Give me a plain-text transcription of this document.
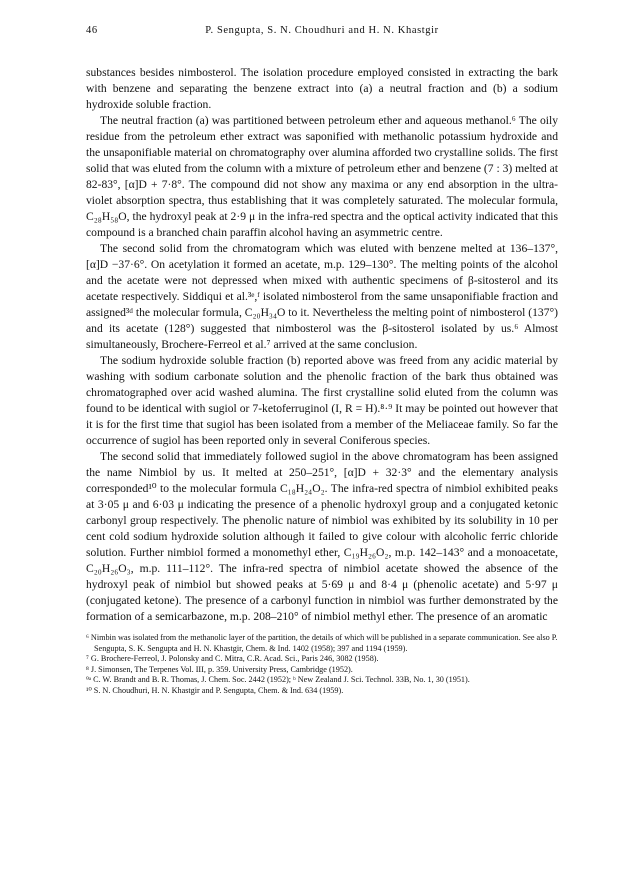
46	P. Sengupta, S. N. Choudhuri and H. N. Khastgir

substances besides nimbosterol. The isolation procedure employed consisted in extracting the bark with benzene and separating the benzene extract into (a) a neutral fraction and (b) a sodium hydroxide soluble fraction.

The neutral fraction (a) was partitioned between petroleum ether and aqueous methanol.⁶ The oily residue from the petroleum ether extract was saponified with methanolic potassium hydroxide and the unsaponifiable material on chromatography over alumina afforded two crystalline solids. The first solid that was eluted from the column with a mixture of petroleum ether and benzene (7 : 3) melted at 82-83°, [α]D + 7·8°. The compound did not show any maxima or any end absorption in the ultra-violet absorption spectra, thus establishing that it was completely saturated. The molecular formula, C₂₈H₅₈O, the hydroxyl peak at 2·9 μ in the infra-red spectra and the optical activity indicated that this compound is a branched chain paraffin alcohol having an asymmetric centre.

The second solid from the chromatogram which was eluted with benzene melted at 136–137°, [α]D −37·6°. On acetylation it formed an acetate, m.p. 129–130°. The melting points of the alcohol and the acetate were not depressed when mixed with authentic specimens of β-sitosterol and its acetate respectively. Siddiqui et al.³ᵉ,ᶠ isolated nimbosterol from the same unsaponifiable fraction and assigned³ᵈ the molecular formula, C₂₀H₃₄O to it. Nevertheless the melting point of nimbosterol (137°) and its acetate (128°) suggested that nimbosterol was the β-sitosterol isolated by us.⁶ Almost simultaneously, Brochere-Ferreol et al.⁷ arrived at the same conclusion.

The sodium hydroxide soluble fraction (b) reported above was freed from any acidic material by washing with sodium carbonate solution and the phenolic fraction of the bark thus obtained was chromatographed over acid washed alumina. The first crystalline solid eluted from the column was found to be identical with sugiol or 7-ketoferruginol (I, R = H).⁸·⁹ It may be pointed out however that it is for the first time that sugiol has been isolated from a member of the Meliaceae family. So far the occurrence of sugiol has been reported only in several Coniferous species.

The second solid that immediately followed sugiol in the above chromatogram has been assigned the name Nimbiol by us. It melted at 250–251°, [α]D + 32·3° and the elementary analysis corresponded¹⁰ to the molecular formula C₁₈H₂₄O₂. The infra-red spectra of nimbiol exhibited peaks at 3·05 μ and 6·03 μ indicating the presence of a phenolic hydroxyl group and a conjugated ketonic carbonyl group respectively. The phenolic nature of nimbiol was exhibited by its solubility in 10 per cent cold sodium hydroxide solution although it failed to give colour with alcoholic ferric chloride solution. Further nimbiol formed a monomethyl ether, C₁₉H₂₆O₂, m.p. 142–143° and a monoacetate, C₂₀H₂₆O₃, m.p. 111–112°. The infra-red spectra of nimbiol acetate showed the absence of the hydroxyl peak of nimbiol but showed peaks at 5·69 μ and 8·4 μ (phenolic acetate) and 5·97 μ (conjugated ketone). The presence of a carbonyl function in nimbiol was further demonstrated by the formation of a semicarbazone, m.p. 208–210° of nimbiol methyl ether. The presence of an aromatic

⁶ Nimbin was isolated from the methanolic layer of the partition, the details of which will be published in a separate communication. See also P. Sengupta, S. K. Sengupta and H. N. Khastgir, Chem. & Ind. 1402 (1958); 397 and 1194 (1959).
⁷ G. Brochere-Ferreol, J. Polonsky and C. Mitra, C.R. Acad. Sci., Paris 246, 3082 (1958).
⁸ J. Simonsen, The Terpenes Vol. III, p. 359. University Press, Cambridge (1952).
⁹ᵃ C. W. Brandt and B. R. Thomas, J. Chem. Soc. 2442 (1952); ᵇ New Zealand J. Sci. Technol. 33B, No. 1, 30 (1951).
¹⁰ S. N. Choudhuri, H. N. Khastgir and P. Sengupta, Chem. & Ind. 634 (1959).
